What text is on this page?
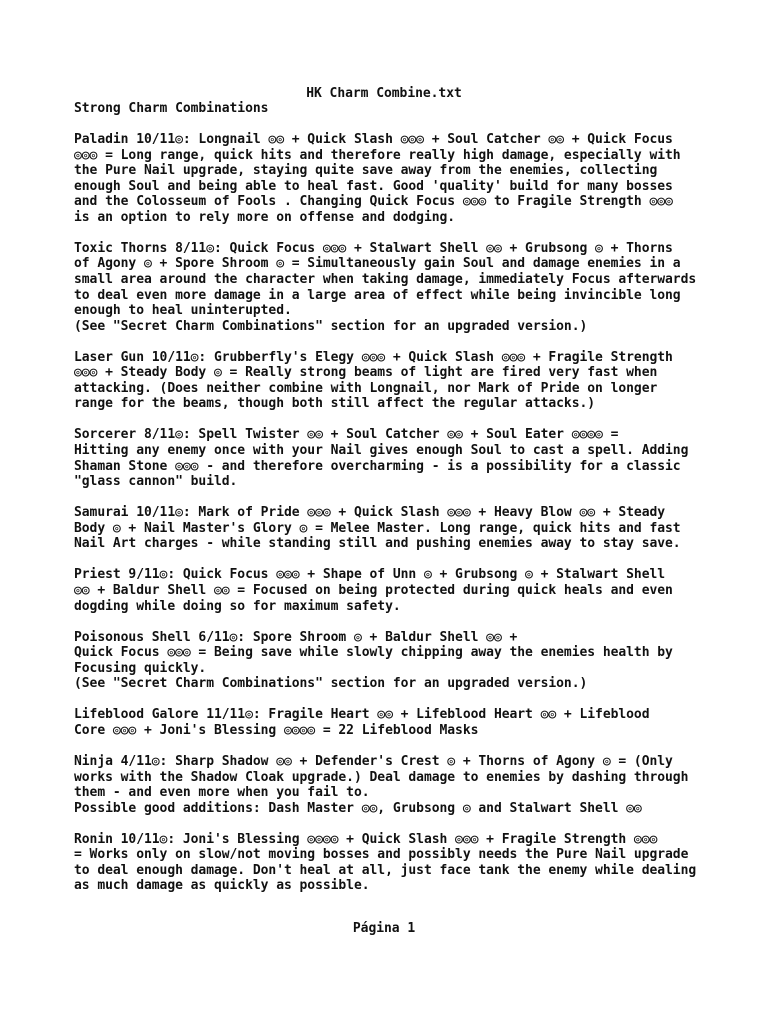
HK Charm Combine.txt
Strong Charm Combinations
Paladin 10/11◎: Longnail ◎◎ + Quick Slash ◎◎◎ + Soul Catcher ◎◎ + Quick Focus
◎◎◎ = Long range, quick hits and therefore really high damage, especially with
the Pure Nail upgrade, staying quite save away from the enemies, collecting
enough Soul and being able to heal fast. Good 'quality' build for many bosses
and the Colosseum of Fools . Changing Quick Focus ◎◎◎ to Fragile Strength ◎◎◎
is an option to rely more on offense and dodging.
Toxic Thorns 8/11◎: Quick Focus ◎◎◎ + Stalwart Shell ◎◎ + Grubsong ◎ + Thorns
of Agony ◎ + Spore Shroom ◎ = Simultaneously gain Soul and damage enemies in a
small area around the character when taking damage, immediately Focus afterwards
to deal even more damage in a large area of effect while being invincible long
enough to heal uninterupted.
(See "Secret Charm Combinations" section for an upgraded version.)
Laser Gun 10/11◎: Grubberfly's Elegy ◎◎◎ + Quick Slash ◎◎◎ + Fragile Strength
◎◎◎ + Steady Body ◎ = Really strong beams of light are fired very fast when
attacking. (Does neither combine with Longnail, nor Mark of Pride on longer
range for the beams, though both still affect the regular attacks.)
Sorcerer 8/11◎: Spell Twister ◎◎ + Soul Catcher ◎◎ + Soul Eater ◎◎◎◎ =
Hitting any enemy once with your Nail gives enough Soul to cast a spell. Adding
Shaman Stone ◎◎◎ - and therefore overcharming - is a possibility for a classic
"glass cannon" build.
Samurai 10/11◎: Mark of Pride ◎◎◎ + Quick Slash ◎◎◎ + Heavy Blow ◎◎ + Steady
Body ◎ + Nail Master's Glory ◎ = Melee Master. Long range, quick hits and fast
Nail Art charges - while standing still and pushing enemies away to stay save.
Priest 9/11◎: Quick Focus ◎◎◎ + Shape of Unn ◎ + Grubsong ◎ + Stalwart Shell
◎◎ + Baldur Shell ◎◎ = Focused on being protected during quick heals and even
dogding while doing so for maximum safety.
Poisonous Shell 6/11◎: Spore Shroom ◎ + Baldur Shell ◎◎ +
Quick Focus ◎◎◎ = Being save while slowly chipping away the enemies health by
Focusing quickly.
(See "Secret Charm Combinations" section for an upgraded version.)
Lifeblood Galore 11/11◎: Fragile Heart ◎◎ + Lifeblood Heart ◎◎ + Lifeblood
Core ◎◎◎ + Joni's Blessing ◎◎◎◎ = 22 Lifeblood Masks
Ninja 4/11◎: Sharp Shadow ◎◎ + Defender's Crest ◎ + Thorns of Agony ◎ = (Only
works with the Shadow Cloak upgrade.) Deal damage to enemies by dashing through
them - and even more when you fail to.
Possible good additions: Dash Master ◎◎, Grubsong ◎ and Stalwart Shell ◎◎
Ronin 10/11◎: Joni's Blessing ◎◎◎◎ + Quick Slash ◎◎◎ + Fragile Strength ◎◎◎
= Works only on slow/not moving bosses and possibly needs the Pure Nail upgrade
to deal enough damage. Don't heal at all, just face tank the enemy while dealing
as much damage as quickly as possible.
Página 1
